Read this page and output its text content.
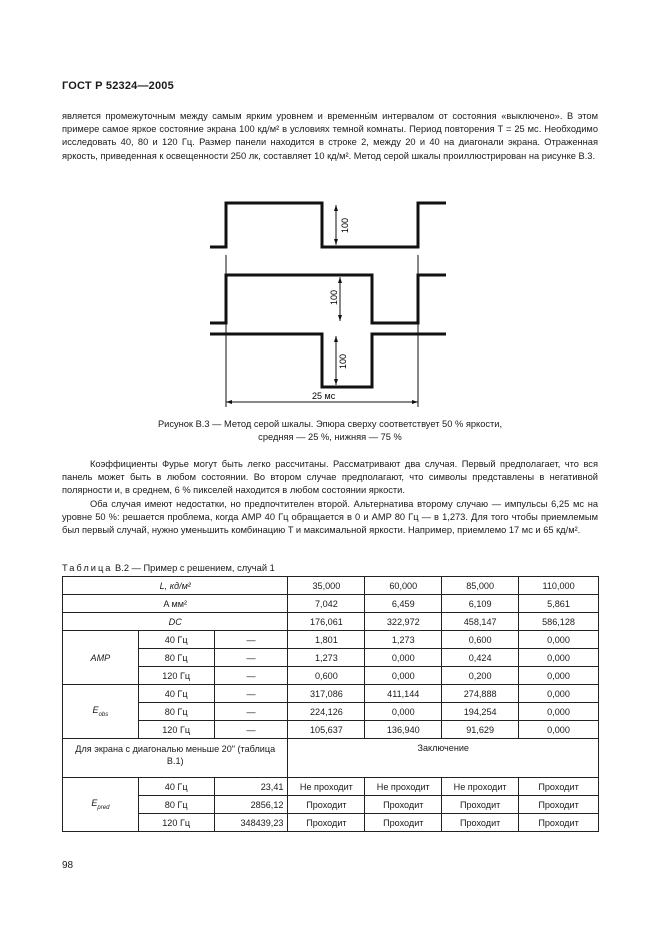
ГОСТ Р 52324—2005

является промежуточным между самым ярким уровнем и временны́м интервалом от состояния «выключено». В этом примере самое яркое состояние экрана 100 кд/м² в условиях темной комнаты. Период повторения T = 25 мс. Необходимо исследовать 40, 80 и 120 Гц. Размер панели находится в строке 2, между 20 и 40 на диагонали экрана. Отраженная яркость, приведенная к освещенности 250 лк, составляет 10 кд/м². Метод серой шкалы проиллюстрирован на рисунке В.3.

100
100
100
25 мс
Рисунок В.3 — Метод серой шкалы. Эпюра сверху соответствует 50 % яркости,
средняя — 25 %, нижняя — 75 %

Коэффициенты Фурье могут быть легко рассчитаны. Рассматривают два случая. Первый предполагает, что вся панель может быть в любом состоянии. Во втором случае предполагают, что символы представлены в негативной полярности и, в среднем, 6 % пикселей находится в любом состоянии яркости.

Оба случая имеют недостатки, но предпочтителен второй. Альтернатива второму случаю — импульсы 6,25 мс на уровне 50 %: решается проблема, когда AMP 40 Гц обращается в 0 и AMP 80 Гц — в 1,273. Для того чтобы приемлемым был первый случай, нужно уменьшить комбинацию T и максимальной яркости. Например, приемлемо 17 мс и 65 кд/м².

Таблица В.2 — Пример с решением, случай 1
L, кд/м²			35,000	60,000	85,000	110,000
A мм²			7,042	6,459	6,109	5,861
DC			176,061	322,972	458,147	586,128
AMP	40 Гц	—	1,801	1,273	0,600	0,000
	80 Гц	—	1,273	0,000	0,424	0,000
	120 Гц	—	0,600	0,000	0,200	0,000
$E_{obs}$	40 Гц	—	317,086	411,144	274,888	0,000
	80 Гц	—	224,126	0,000	194,254	0,000
	120 Гц	—	105,637	136,940	91,629	0,000
Для экрана с диагональю меньше 20" (таблица В.1)			Заключение			
$E_{pred}$	40 Гц	23,41	Не проходит	Не проходит	Не проходит	Проходит
	80 Гц	2856,12	Проходит	Проходит	Проходит	Проходит
	120 Гц	348439,23	Проходит	Проходит	Проходит	Проходит
98
